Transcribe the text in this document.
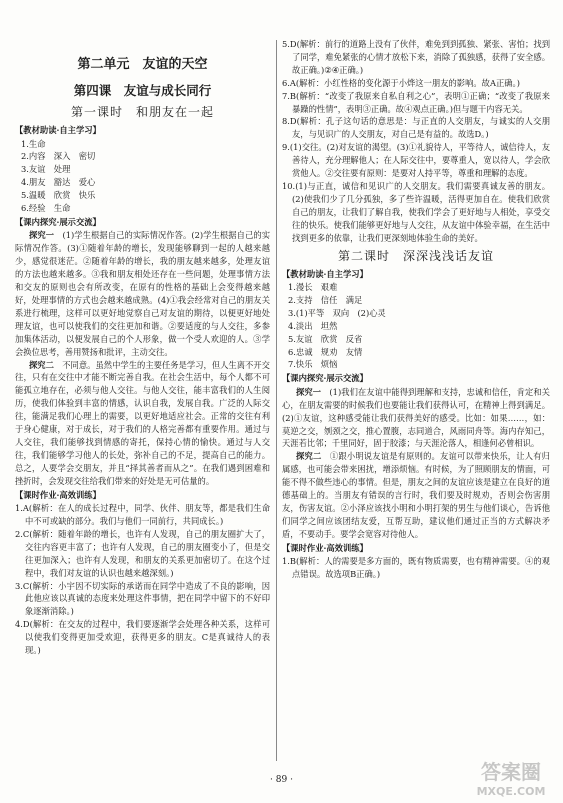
第二单元　友谊的天空
第四课　友谊与成长同行
第一课时　和朋友在一起
【教材助读·自主学习】

1.生命

2.内容　深入　密切

3.友谊　处理

4.朋友　豁达　爱心

5.温暖　欣赏　快乐

6.经验　生命

【课内探究·展示交流】

探究一　 (1)学生根据自己的实际情况作答。(2)学生根据自己的实际情况作答。(3)①随着年龄的增长，发现能够聊到一起的人越来越少，感觉很迷茫。②随着年龄的增长，我的朋友越来越多，处理友谊的方法也越来越多。③我和朋友相处还存在一些问题，处理事情方法和交友的原则也会有所改变，在原有的性格的基础上会变得越来越好，处理事情的方式也会越来越成熟。(4)①我会经常对自己的朋友关系进行梳理，这样可以更好地觉察自己对友谊的期待，以便更好地处理友谊，也可以使我们的交往更加和谐。②要适度的与人交往，多参加集体活动，以便发展自己的个人形象，做一个受人欢迎的人。③学会换位思考，善用赞扬和批评，主动交往。

探究二　 不同意。虽然中学生的主要任务是学习，但人生离不开交往，只有在交往中才能不断完善自我。在社会生活中，每个人都不可能孤立地存在，必须与他人交往。与他人交往，能丰富我们的人生阅历，使我们体验到丰富的情感，认识自我，发展自我。广泛的人际交往，能满足我们心理上的需要，以更好地适应社会。正常的交往有利于身心健康，对于成长，对于我们的人格完善都有重要作用。通过与人交往，我们能够找到情感的寄托，保持心情的愉快。通过与人交往，我们能够学习他人的长处，弥补自己的不足，提高自己的能力。总之，人要学会交朋友，并且“择其善者而从之”。在我们遇到困难和挫折时，会发现交往给我们带来的好处是无可估量的。

【课时作业·高效训练】

1.A(解析：在人的成长过程中，同学、伙伴、朋友等，都是我们生命中不可或缺的部分。我们与他们一同前行，共同成长。)

2.C(解析：随着年龄的增长，也许有人发现，自己的朋友圈扩大了，交往内容更丰富了；也许有人发现，自己的朋友圈变小了，但是交往更加深入；也许有人发现，和朋友的关系更加密切了。在这个过程中，我们对友谊的认识也越来越深刻。)

3.C(解析：小宇因不切实际的承诺而在同学中造成了不良的影响，因此他应该以真诚的态度来处理这件事情，把在同学中留下的不好印象逐渐消除。)

4.D(解析：在交友的过程中，我们要逐渐学会处理各种关系，这样可以使我们变得更加受欢迎，获得更多的朋友。C是真诚待人的表现。)

5.D(解析：前行的道路上没有了伙伴，难免到到孤独、紧张、害怕；找到了同学，难免紧张的心情才放松下来，消除了孤独感，获得了安全感。故正确。)②④正确。)

6.A(解析：小红性格的变化源于小烨这一朋友的影响。故A正确。)

7.B(解析：“改变了我原来自私自利之心”，表明①正确；“改变了我原来暴躁的性情”，表明③正确。故④观点正确。)但与题干内容无关。

8.D(解析：孔子这句话的意思是：与正直的人交朋友，与诚实的人交朋友，与见识广的人交朋友，对自己是有益的。故选D。)

9.(1)交往。(2)对友谊的渴望。(3)①礼貌待人，平等待人，诚信待人，友善待人，充分理解他人；在人际交往中，要尊重人，宽以待人，学会欣赏他人。②交往要有原则：是要对人持平等，尊重和理解的态度。

10.(1)与正直，诚信和见识广的人交朋友。我们需要真诚友善的朋友。(2)使我们少了几分孤独，多了些许温暖，活得更加自在。使我们欣赏自己的朋友，让我们了解自我，使我们学会了更好地与人相处，享受交往的快乐。使我们能够更好地与人交往，从友谊中体验幸福，在生活中找到更多的依靠，让我们更深刻地体验生命的美好。

第二课时　深深浅浅话友谊
【教材助读·自主学习】

1.漫长　艰难

2.支持　信任　满足

3.(1)平等　双向　(2)心灵

4.淡出　坦然

5.友谊　欣赏　反省

6.忠诚　规劝　友情

7.快乐　烦恼

【课内探究·展示交流】

探究一　 (1)我们在友谊中能得到理解和支持，忠诚和信任，肯定和关心，在朋友需要的时候我们也要能让我们获得认可，在精神上得到满足。(2)①友谊，这种感受能让我们获得美好的感受。比如：如果……，如：莫逆之交，刎颈之交，推心置腹，志同道合，风雨同舟等。海内存知己，天涯若比邻；千里同好，固于胶漆；与天涯沦落人，相逢何必曾相识。

探究二　 ①跟小明说友谊是有原则的。友谊可以带来快乐，让人有归属感，也可能会带来困扰，增添烦恼。有时候，为了照顾朋友的情面，可能不得不做些违心的事情。但是，朋友之间的友谊应该是建立在良好的道德基础上的。当朋友有错误的言行时，我们要及时规劝，否则会伤害朋友，伤害友谊。②小泽应该找小明和小明打架的男生与他们谈心，告诉他们同学之间应该团结友爱，互帮互助，建议他们通过正当的方式解决矛盾，不要动手。要学会宽容对待他人。

【课时作业·高效训练】

1.B(解析：人的需要是多方面的，既有物质需要，也有精神需要。④的观点错误。故选项B正确。)

· 89 ·	答案圈
MXQE.COM
